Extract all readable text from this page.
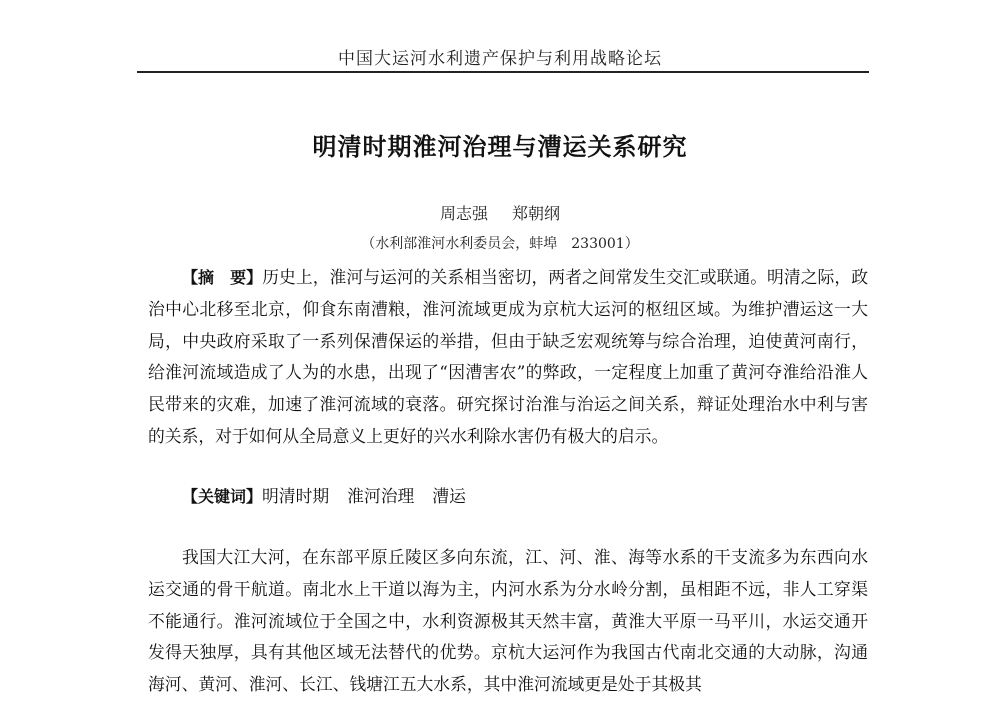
中国大运河水利遗产保护与利用战略论坛
明清时期淮河治理与漕运关系研究
周志强 郑朝纲
（水利部淮河水利委员会，蚌埠　233001）
【摘　要】历史上，淮河与运河的关系相当密切，两者之间常发生交汇或联通。明清之际，政治中心北移至北京，仰食东南漕粮，淮河流域更成为京杭大运河的枢纽区域。为维护漕运这一大局，中央政府采取了一系列保漕保运的举措，但由于缺乏宏观统筹与综合治理，迫使黄河南行，给淮河流域造成了人为的水患，出现了“因漕害农”的弊政，一定程度上加重了黄河夺淮给沿淮人民带来的灾难，加速了淮河流域的衰落。研究探讨治淮与治运之间关系，辩证处理治水中利与害的关系，对于如何从全局意义上更好的兴水利除水害仍有极大的启示。
【关键词】明清时期 淮河治理 漕运
我国大江大河，在东部平原丘陵区多向东流，江、河、淮、海等水系的干支流多为东西向水运交通的骨干航道。南北水上干道以海为主，内河水系为分水岭分割，虽相距不远，非人工穿渠不能通行。淮河流域位于全国之中，水利资源极其天然丰富，黄淮大平原一马平川，水运交通开发得天独厚，具有其他区域无法替代的优势。京杭大运河作为我国古代南北交通的大动脉，沟通海河、黄河、淮河、长江、钱塘江五大水系，其中淮河流域更是处于其极其
